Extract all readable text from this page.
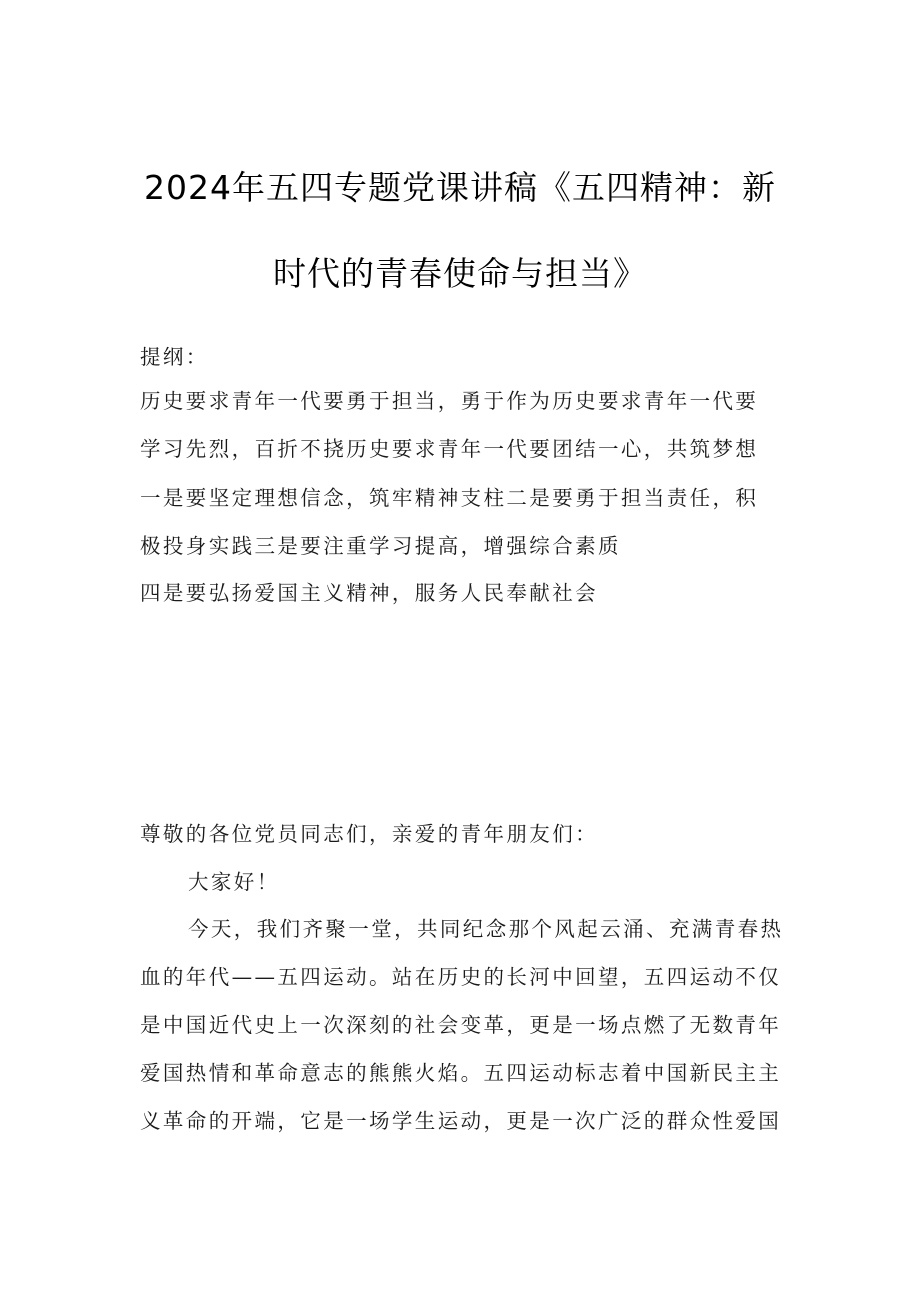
2024年五四专题党课讲稿《五四精神：新
时代的青春使命与担当》

提纲：

历史要求青年一代要勇于担当，勇于作为历史要求青年一代要

学习先烈，百折不挠历史要求青年一代要团结一心，共筑梦想

一是要坚定理想信念，筑牢精神支柱二是要勇于担当责任，积

极投身实践三是要注重学习提高，增强综合素质

四是要弘扬爱国主义精神，服务人民奉献社会

尊敬的各位党员同志们，亲爱的青年朋友们：

大家好！

今天，我们齐聚一堂，共同纪念那个风起云涌、充满青春热

血的年代——五四运动。站在历史的长河中回望，五四运动不仅

是中国近代史上一次深刻的社会变革，更是一场点燃了无数青年

爱国热情和革命意志的熊熊火焰。五四运动标志着中国新民主主

义革命的开端，它是一场学生运动，更是一次广泛的群众性爱国
